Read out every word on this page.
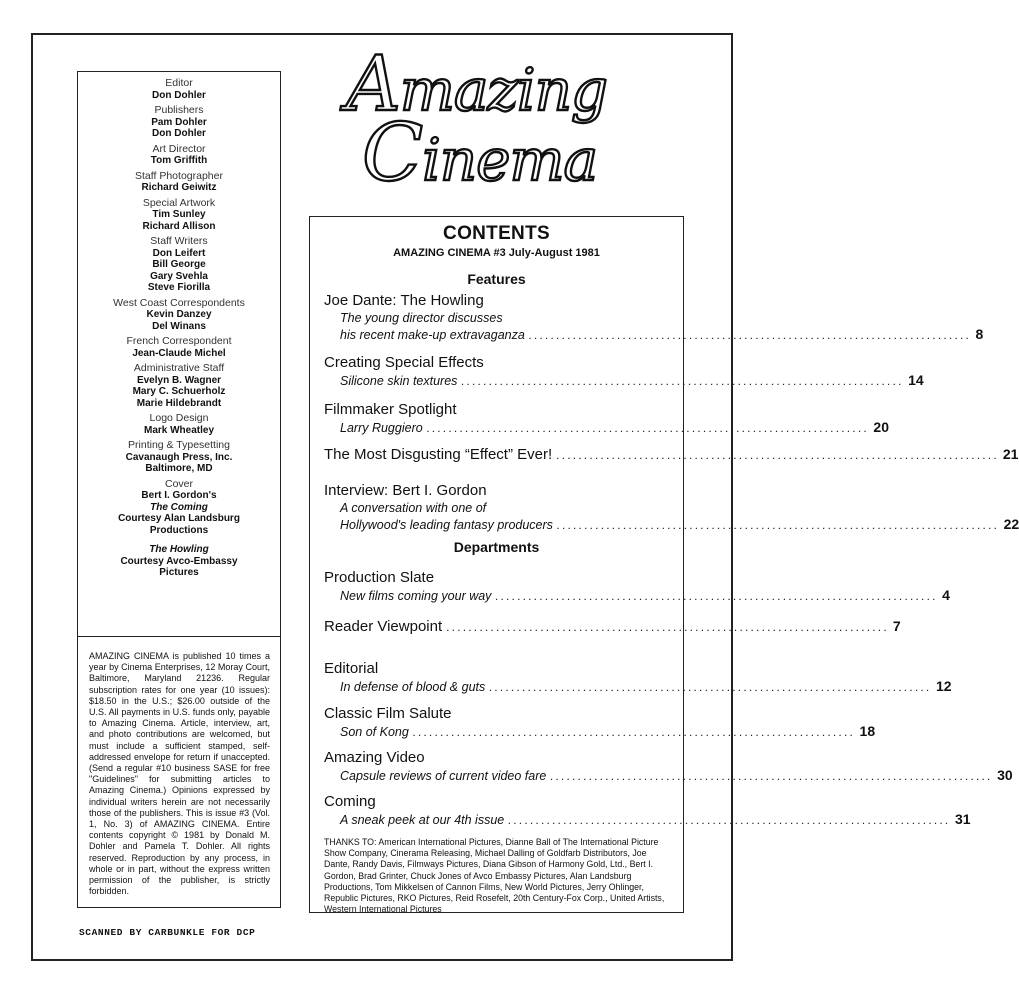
Amazing
Cinema
Editor
Don Dohler
Publishers
Pam Dohler
Don Dohler
Art Director
Tom Griffith
Staff Photographer
Richard Geiwitz
Special Artwork
Tim Sunley
Richard Allison
Staff Writers
Don Leifert
Bill George
Gary Svehla
Steve Fiorilla
West Coast Correspondents
Kevin Danzey
Del Winans
French Correspondent
Jean-Claude Michel
Administrative Staff
Evelyn B. Wagner
Mary C. Schuerholz
Marie Hildebrandt
Logo Design
Mark Wheatley
Printing & Typesetting
Cavanaugh Press, Inc.
Baltimore, MD
Cover
Bert I. Gordon's
The Coming
Courtesy Alan Landsburg
Productions
The Howling
Courtesy Avco-Embassy
Pictures

AMAZING CINEMA is published 10 times a year by Cinema Enterprises, 12 Moray Court, Baltimore, Maryland 21236. Regular subscription rates for one year (10 issues): $18.50 in the U.S.; $26.00 outside of the U.S. All payments in U.S. funds only, payable to Amazing Cinema. Article, interview, art, and photo contributions are welcomed, but must include a sufficient stamped, self-addressed envelope for return if unaccepted. (Send a regular #10 business SASE for free "Guidelines" for submitting articles to Amazing Cinema.) Opinions expressed by individual writers herein are not necessarily those of the publishers. This is issue #3 (Vol. 1, No. 3) of AMAZING CINEMA. Entire contents copyright © 1981 by Donald M. Dohler and Pamela T. Dohler. All rights reserved. Reproduction by any process, in whole or in part, without the express written permission of the publisher, is strictly forbidden.

SCANNED BY CARBUNKLE FOR DCP
CONTENTS
AMAZING CINEMA #3 July-August 1981
Features
Departments
Joe Dante: The Howling
The young director discusses
his recent make-up extravaganza ................................................................................ 8
Creating Special Effects
Silicone skin textures ................................................................................ 14
Filmmaker Spotlight
Larry Ruggiero ................................................................................ 20
The Most Disgusting “Effect” Ever! ................................................................................ 21
Interview: Bert I. Gordon
A conversation with one of
Hollywood's leading fantasy producers ................................................................................ 22
Production Slate
New films coming your way ................................................................................ 4
Reader Viewpoint ................................................................................ 7
Editorial
In defense of blood & guts ................................................................................ 12
Classic Film Salute
Son of Kong ................................................................................ 18
Amazing Video
Capsule reviews of current video fare ................................................................................ 30
Coming
A sneak peek at our 4th issue ................................................................................ 31

THANKS TO: American International Pictures, Dianne Ball of The International Picture Show Company, Cinerama Releasing, Michael Dalling of Goldfarb Distributors, Joe Dante, Randy Davis, Filmways Pictures, Diana Gibson of Harmony Gold, Ltd., Bert I. Gordon, Brad Grinter, Chuck Jones of Avco Embassy Pictures, Alan Landsburg Productions, Tom Mikkelsen of Cannon Films, New World Pictures, Jerry Ohlinger, Republic Pictures, RKO Pictures, Reid Rosefelt, 20th Century-Fox Corp., United Artists, Western International Pictures
